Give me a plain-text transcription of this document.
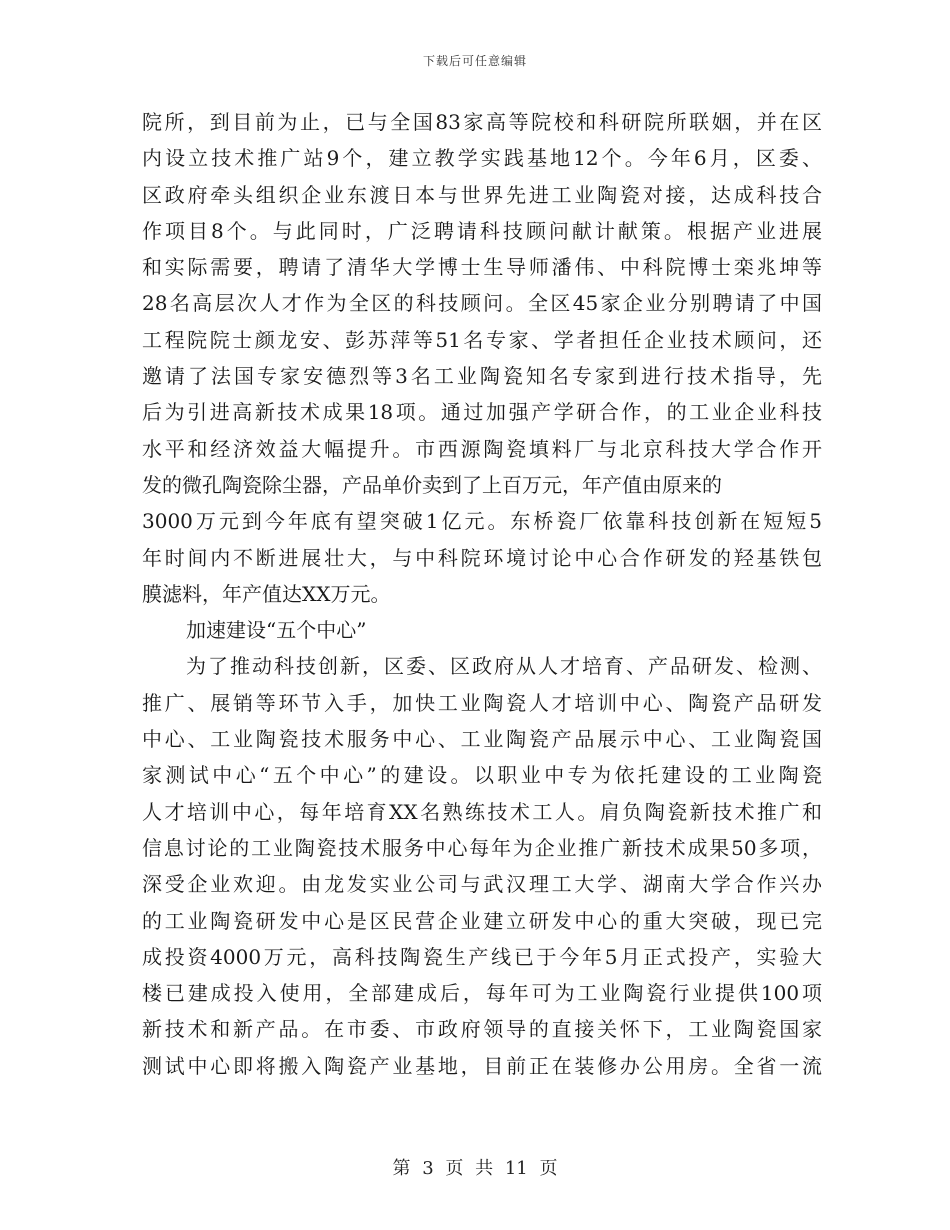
下载后可任意编辑
院所，到目前为止，已与全国83家高等院校和科研院所联姻，并在区
内设立技术推广站9个，建立教学实践基地12个。今年6月，区委、
区政府牵头组织企业东渡日本与世界先进工业陶瓷对接，达成科技合
作项目8个。与此同时，广泛聘请科技顾问献计献策。根据产业进展
和实际需要，聘请了清华大学博士生导师潘伟、中科院博士栾兆坤等
28名高层次人才作为全区的科技顾问。全区45家企业分别聘请了中国
工程院院士颜龙安、彭苏萍等51名专家、学者担任企业技术顾问，还
邀请了法国专家安德烈等3名工业陶瓷知名专家到进行技术指导，先
后为引进高新技术成果18项。通过加强产学研合作，的工业企业科技
水平和经济效益大幅提升。市西源陶瓷填料厂与北京科技大学合作开
发的微孔陶瓷除尘器，产品单价卖到了上百万元，年产值由原来的
3000万元到今年底有望突破1亿元。东桥瓷厂依靠科技创新在短短5
年时间内不断进展壮大，与中科院环境讨论中心合作研发的羟基铁包
膜滤料，年产值达XX万元。
加速建设“五个中心”
为了推动科技创新，区委、区政府从人才培育、产品研发、检测、
推广、展销等环节入手，加快工业陶瓷人才培训中心、陶瓷产品研发
中心、工业陶瓷技术服务中心、工业陶瓷产品展示中心、工业陶瓷国
家测试中心“五个中心”的建设。以职业中专为依托建设的工业陶瓷
人才培训中心，每年培育XX名熟练技术工人。肩负陶瓷新技术推广和
信息讨论的工业陶瓷技术服务中心每年为企业推广新技术成果50多项，
深受企业欢迎。由龙发实业公司与武汉理工大学、湖南大学合作兴办
的工业陶瓷研发中心是区民营企业建立研发中心的重大突破，现已完
成投资4000万元，高科技陶瓷生产线已于今年5月正式投产，实验大
楼已建成投入使用，全部建成后，每年可为工业陶瓷行业提供100项
新技术和新产品。在市委、市政府领导的直接关怀下，工业陶瓷国家
测试中心即将搬入陶瓷产业基地，目前正在装修办公用房。全省一流
第 3 页 共 11 页
